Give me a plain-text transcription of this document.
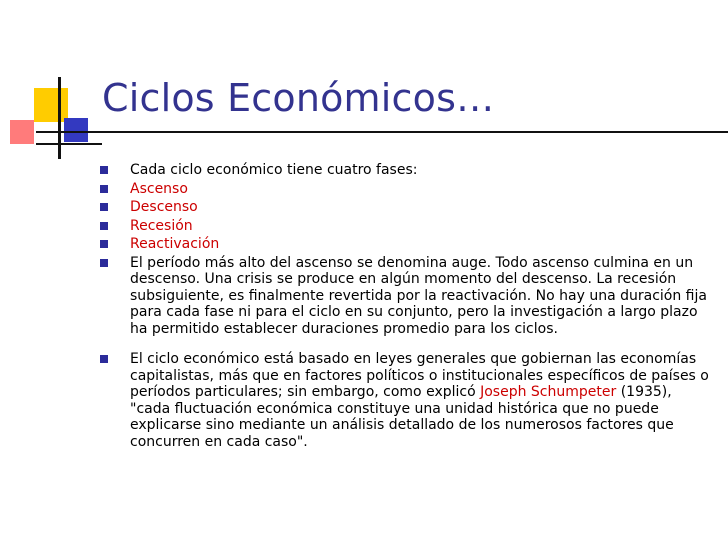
Ciclos Económicos…
Cada ciclo económico tiene cuatro fases:
Ascenso
Descenso
Recesión
Reactivación
El período más alto del ascenso se denomina auge. Todo ascenso culmina en un descenso. Una crisis se produce en algún momento del descenso. La recesión subsiguiente, es finalmente revertida por la reactivación. No hay una duración fija para cada fase ni para el ciclo en su conjunto, pero la investigación a largo plazo ha permitido establecer duraciones promedio para los ciclos.
El ciclo económico está basado en leyes generales que gobiernan las economías capitalistas, más que en factores políticos o institucionales específicos de países o períodos particulares; sin embargo, como explicó Joseph Schumpeter (1935), "cada fluctuación económica constituye una unidad histórica que no puede explicarse sino mediante un análisis detallado de los numerosos factores que concurren en cada caso".
